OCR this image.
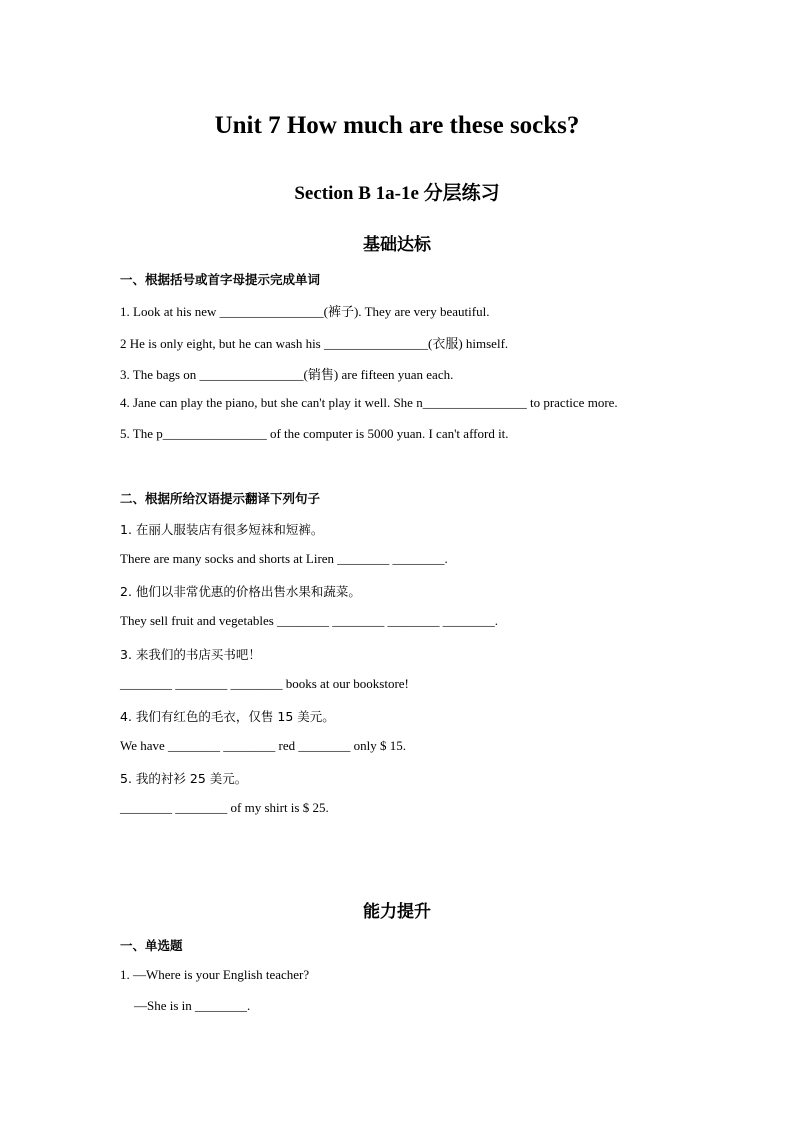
Unit 7 How much are these socks?
Section B 1a-1e 分层练习
基础达标

一、根据括号或首字母提示完成单词

1. Look at his new ________________(裤子). They are very beautiful.

2 He is only eight, but he can wash his ________________(衣服) himself.

3. The bags on ________________(销售) are fifteen yuan each.

4. Jane can play the piano, but she can't play it well. She n________________ to practice more.

5. The p________________ of the computer is 5000 yuan. I can't afford it.

二、根据所给汉语提示翻译下列句子

1. 在丽人服装店有很多短袜和短裤。

There are many socks and shorts at Liren ________ ________.

2. 他们以非常优惠的价格出售水果和蔬菜。

They sell fruit and vegetables ________ ________ ________ ________.

3. 来我们的书店买书吧！

________ ________ ________ books at our bookstore!

4. 我们有红色的毛衣，仅售 15 美元。

We have ________ ________ red ________ only $ 15.

5. 我的衬衫 25 美元。

________ ________ of my shirt is $ 25.

能力提升

一、单选题

1. —Where is your English teacher?

—She is in ________.
